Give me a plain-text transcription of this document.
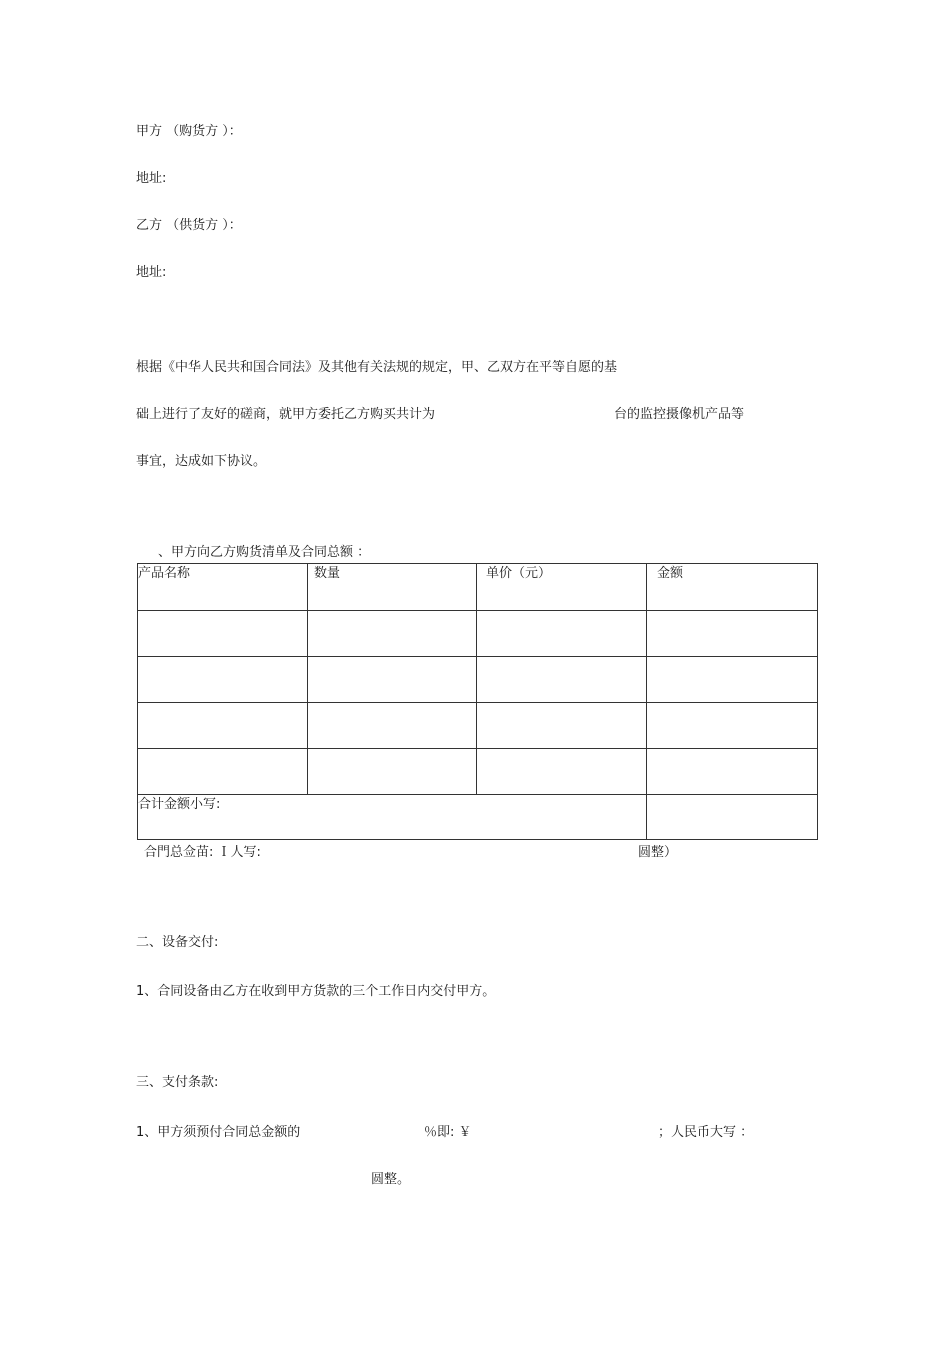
甲方 （购货方 ）：
地址:
乙方 （供货方 ）：
地址:
根据《中华人民共和国合同法》及其他有关法规的规定，甲、乙双方在平等自愿的基
础上进行了友好的磋商，就甲方委托乙方购买共计为	台的监控摄像机产品等
事宜，达成如下协议。
、甲方向乙方购货清单及合同总额 ：
产品名称	数量	单价（元）	金额

合计金额小写:			

合門总佥苗: Ｉ人写:	圆整）
二、设备交付:
1、合同设备由乙方在收到甲方货款的三个工作日内交付甲方。
三、支付条款:
1、甲方须预付合同总金额的	％即: ￥	；人民币大写 ：
圆整。
